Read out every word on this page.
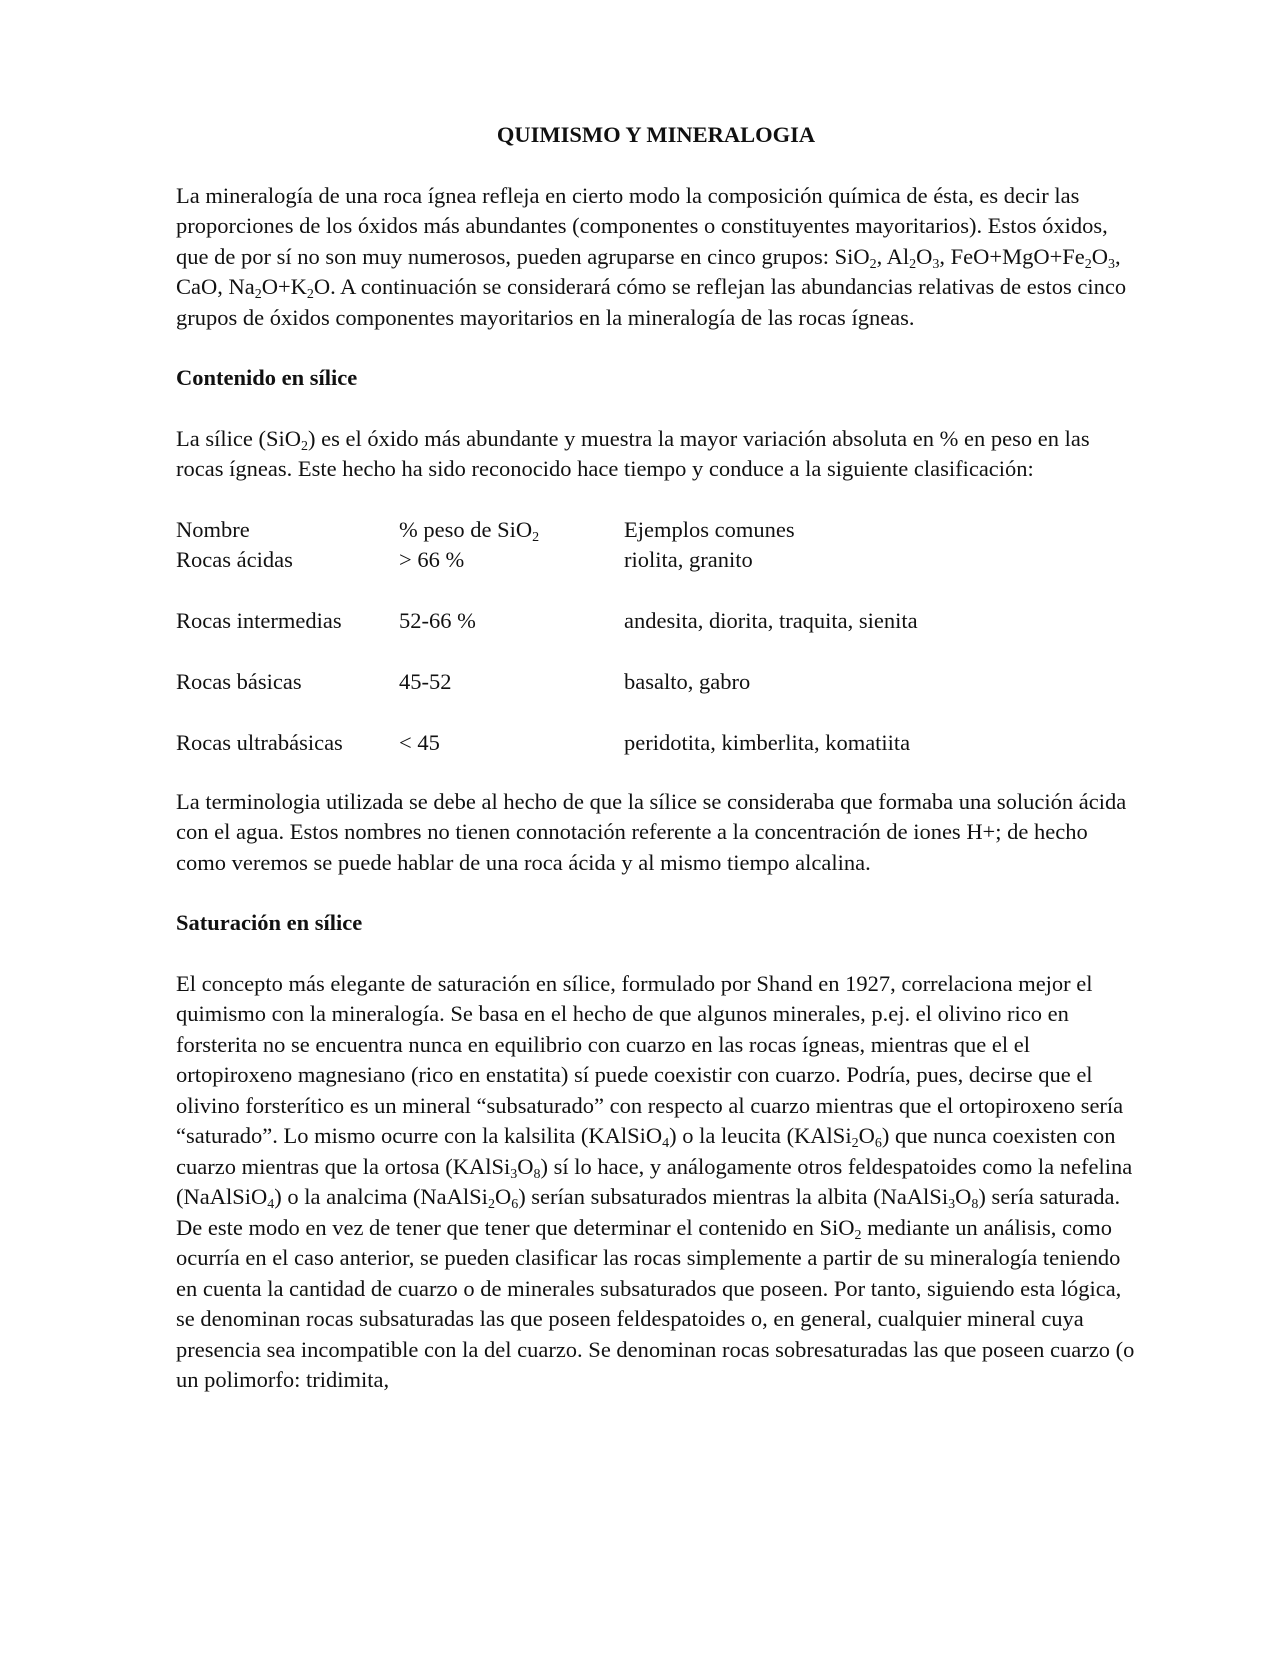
QUIMISMO Y MINERALOGIA

La mineralogía de una roca ígnea refleja en cierto modo la composición química de ésta, es decir las proporciones de los óxidos más abundantes (componentes o constituyentes mayoritarios). Estos óxidos, que de por sí no son muy numerosos, pueden agruparse en cinco grupos: SiO$_2$, $Al_2O_3$, $FeO+MgO+Fe_2O_3$, CaO, $Na_2O+K_2O$. A continuación se considerará cómo se reflejan las abundancias relativas de estos cinco grupos de óxidos componentes mayoritarios en la mineralogía de las rocas ígneas.

Contenido en sílice

La sílice (SiO$_2$) es el óxido más abundante y muestra la mayor variación absoluta en % en peso en las rocas ígneas. Este hecho ha sido reconocido hace tiempo y conduce a la siguiente clasificación:

Nombre	% peso de SiO$_2$	Ejemplos comunes
Rocas ácidas	> 66 %	riolita, granito
Rocas intermedias	52-66 %	andesita, diorita, traquita, sienita
Rocas básicas	45-52	basalto, gabro
Rocas ultrabásicas	< 45	peridotita, kimberlita, komatiita

La terminologia utilizada se debe al hecho de que la sílice se consideraba que formaba una solución ácida con el agua. Estos nombres no tienen connotación referente a la concentración de iones H+; de hecho como veremos se puede hablar de una roca ácida y al mismo tiempo alcalina.

Saturación en sílice

El concepto más elegante de saturación en sílice, formulado por Shand en 1927, correlaciona mejor el quimismo con la mineralogía. Se basa en el hecho de que algunos minerales, p.ej. el olivino rico en forsterita no se encuentra nunca en equilibrio con cuarzo en las rocas ígneas, mientras que el el ortopiroxeno magnesiano (rico en enstatita) sí puede coexistir con cuarzo. Podría, pues, decirse que el olivino forsterítico es un mineral “subsaturado” con respecto al cuarzo mientras que el ortopiroxeno sería “saturado”. Lo mismo ocurre con la kalsilita (KAlSiO$_4$) o la leucita $(KAlSi_2O_6)$ que nunca coexisten con cuarzo mientras que la ortosa $(KAlSi_3O_8)$ sí lo hace, y análogamente otros feldespatoides como la nefelina (NaAlSiO$_4$) o la analcima $(NaAlSi_2O_6)$ serían subsaturados mientras la albita $(NaAlSi_3O_8)$ sería saturada.

De este modo en vez de tener que tener que determinar el contenido en SiO$_2$ mediante un análisis, como ocurría en el caso anterior, se pueden clasificar las rocas simplemente a partir de su mineralogía teniendo en cuenta la cantidad de cuarzo o de minerales subsaturados que poseen. Por tanto, siguiendo esta lógica, se denominan rocas subsaturadas las que poseen feldespatoides o, en general, cualquier mineral cuya presencia sea incompatible con la del cuarzo. Se denominan rocas sobresaturadas las que poseen cuarzo (o un polimorfo: tridimita,
